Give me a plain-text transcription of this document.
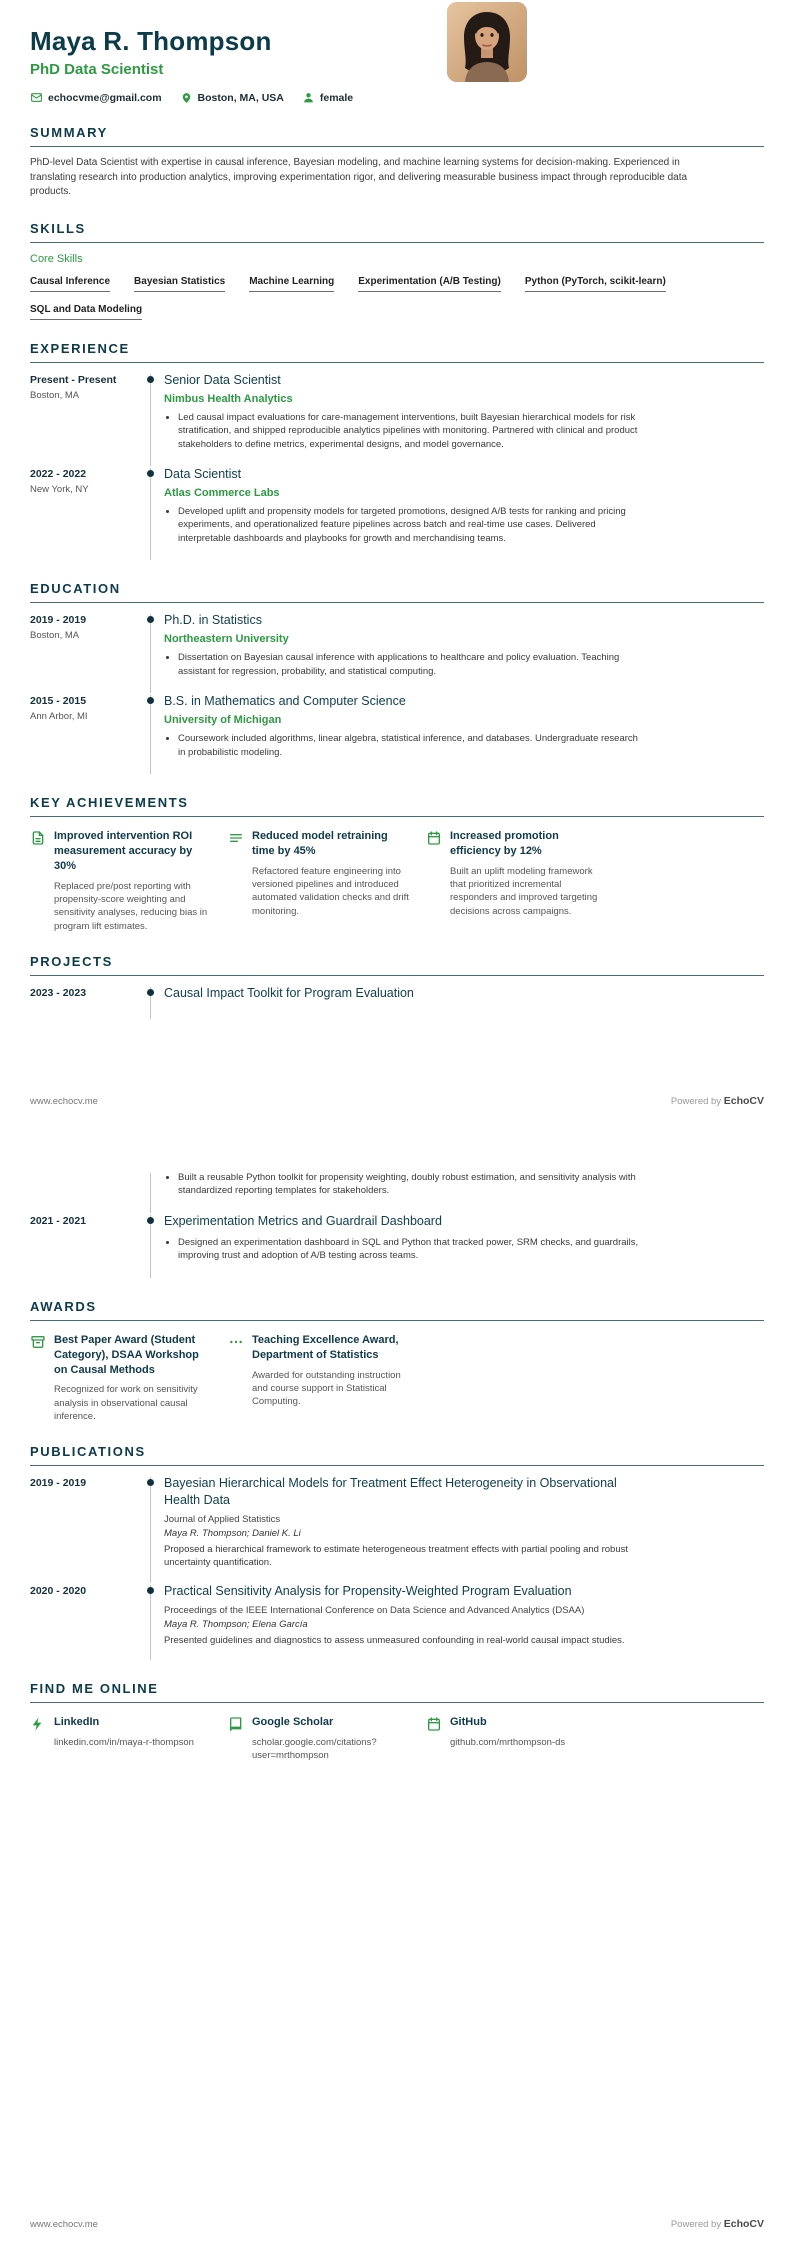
Maya R. Thompson
PhD Data Scientist
echocvme@gmail.com	Boston, MA, USA	female
SUMMARY

PhD-level Data Scientist with expertise in causal inference, Bayesian modeling, and machine learning systems for decision-making. Experienced in translating research into production analytics, improving experimentation rigor, and delivering measurable business impact through reproducible data products.

SKILLS
Core Skills
Causal Inference Bayesian Statistics Machine Learning Experimentation (A/B Testing) Python (PyTorch, scikit-learn)
SQL and Data Modeling
EXPERIENCE
Present - Present
Boston, MA
Senior Data Scientist
Nimbus Health Analytics
• Led causal impact evaluations for care-management interventions, built Bayesian hierarchical models for risk stratification, and shipped reproducible analytics pipelines with monitoring. Partnered with clinical and product stakeholders to define metrics, experimental designs, and model governance.
2022 - 2022
New York, NY
Data Scientist
Atlas Commerce Labs
• Developed uplift and propensity models for targeted promotions, designed A/B tests for ranking and pricing experiments, and operationalized feature pipelines across batch and real-time use cases. Delivered interpretable dashboards and playbooks for growth and merchandising teams.
EDUCATION
2019 - 2019
Boston, MA
Ph.D. in Statistics
Northeastern University
• Dissertation on Bayesian causal inference with applications to healthcare and policy evaluation. Teaching assistant for regression, probability, and statistical computing.
2015 - 2015
Ann Arbor, MI
B.S. in Mathematics and Computer Science
University of Michigan
• Coursework included algorithms, linear algebra, statistical inference, and databases. Undergraduate research in probabilistic modeling.
KEY ACHIEVEMENTS
Improved intervention ROI measurement accuracy by 30%
Replaced pre/post reporting with propensity-score weighting and sensitivity analyses, reducing bias in program lift estimates.
Reduced model retraining time by 45%
Refactored feature engineering into versioned pipelines and introduced automated validation checks and drift monitoring.
Increased promotion efficiency by 12%
Built an uplift modeling framework that prioritized incremental responders and improved targeting decisions across campaigns.
PROJECTS
2023 - 2023	Causal Impact Toolkit for Program Evaluation
www.echocv.me	Powered by EchoCV
• Built a reusable Python toolkit for propensity weighting, doubly robust estimation, and sensitivity analysis with standardized reporting templates for stakeholders.
2021 - 2021	Experimentation Metrics and Guardrail Dashboard
• Designed an experimentation dashboard in SQL and Python that tracked power, SRM checks, and guardrails, improving trust and adoption of A/B testing across teams.
AWARDS
Best Paper Award (Student Category), DSAA Workshop on Causal Methods
Recognized for work on sensitivity analysis in observational causal inference.
Teaching Excellence Award, Department of Statistics
Awarded for outstanding instruction and course support in Statistical Computing.
PUBLICATIONS
2019 - 2019	Bayesian Hierarchical Models for Treatment Effect Heterogeneity in Observational Health Data
Journal of Applied Statistics
Maya R. Thompson; Daniel K. Li
Proposed a hierarchical framework to estimate heterogeneous treatment effects with partial pooling and robust uncertainty quantification.
2020 - 2020	Practical Sensitivity Analysis for Propensity-Weighted Program Evaluation
Proceedings of the IEEE International Conference on Data Science and Advanced Analytics (DSAA)
Maya R. Thompson; Elena García
Presented guidelines and diagnostics to assess unmeasured confounding in real-world causal impact studies.
FIND ME ONLINE
LinkedIn
linkedin.com/in/maya-r-thompson
Google Scholar
scholar.google.com/citations?user=mrthompson
GitHub
github.com/mrthompson-ds
www.echocv.me	Powered by EchoCV
